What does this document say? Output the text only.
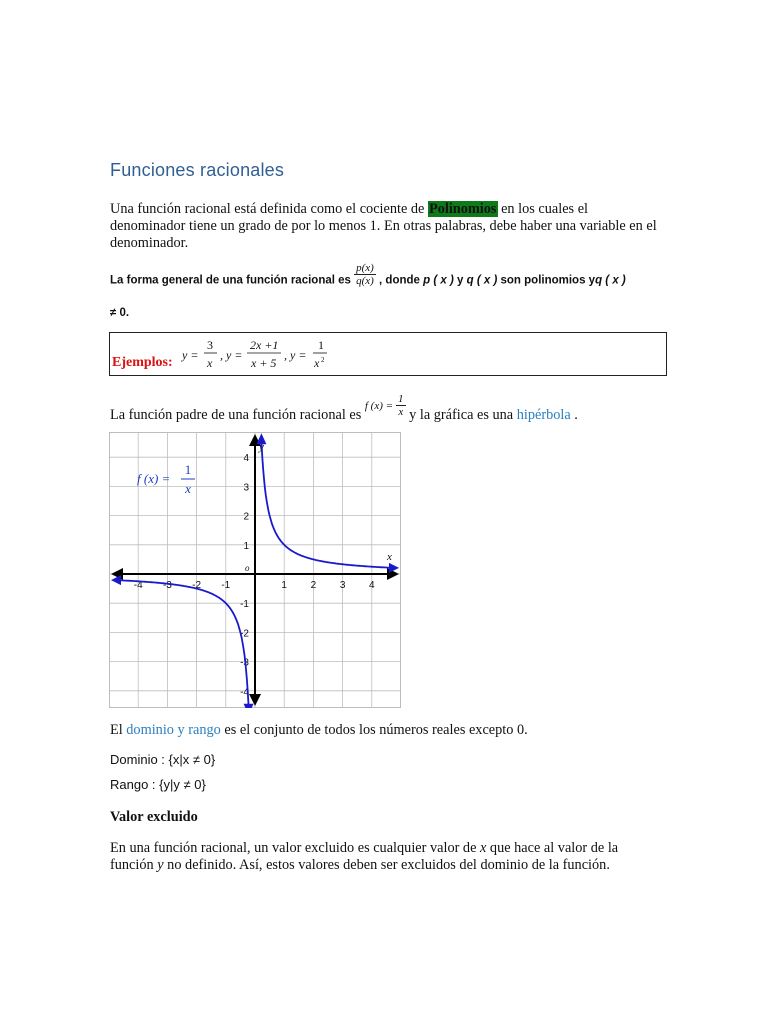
Funciones racionales
Una función racional está definida como el cociente de Polinomios en los cuales el denominador tiene un grado de por lo menos 1. En otras palabras, debe haber una variable en el denominador.
La forma general de una función racional es $\frac{p(x)}{q(x)}$ , donde p ( x ) y q ( x ) son polinomios yq ( x )
≠ 0.
Ejemplos: y =
3
x
, y =
2x +1
x + 5
, y =
1
x 2
La función padre de una función racional es
f $(x) = \frac{1}{x}$ y la gráfica es una hipérbola .
-4 -3 -2 -1	1 2 3 4
4
3
2
1
-1
-2
-3
-4
o
x
y
f (x) =
1
x
El dominio y rango es el conjunto de todos los números reales excepto 0.
Dominio : {x|x ≠ 0}
Rango : {y|y ≠ 0}
Valor excluido
En una función racional, un valor excluido es cualquier valor de x que hace al valor de la función y no definido. Así, estos valores deben ser excluidos del dominio de la función.
